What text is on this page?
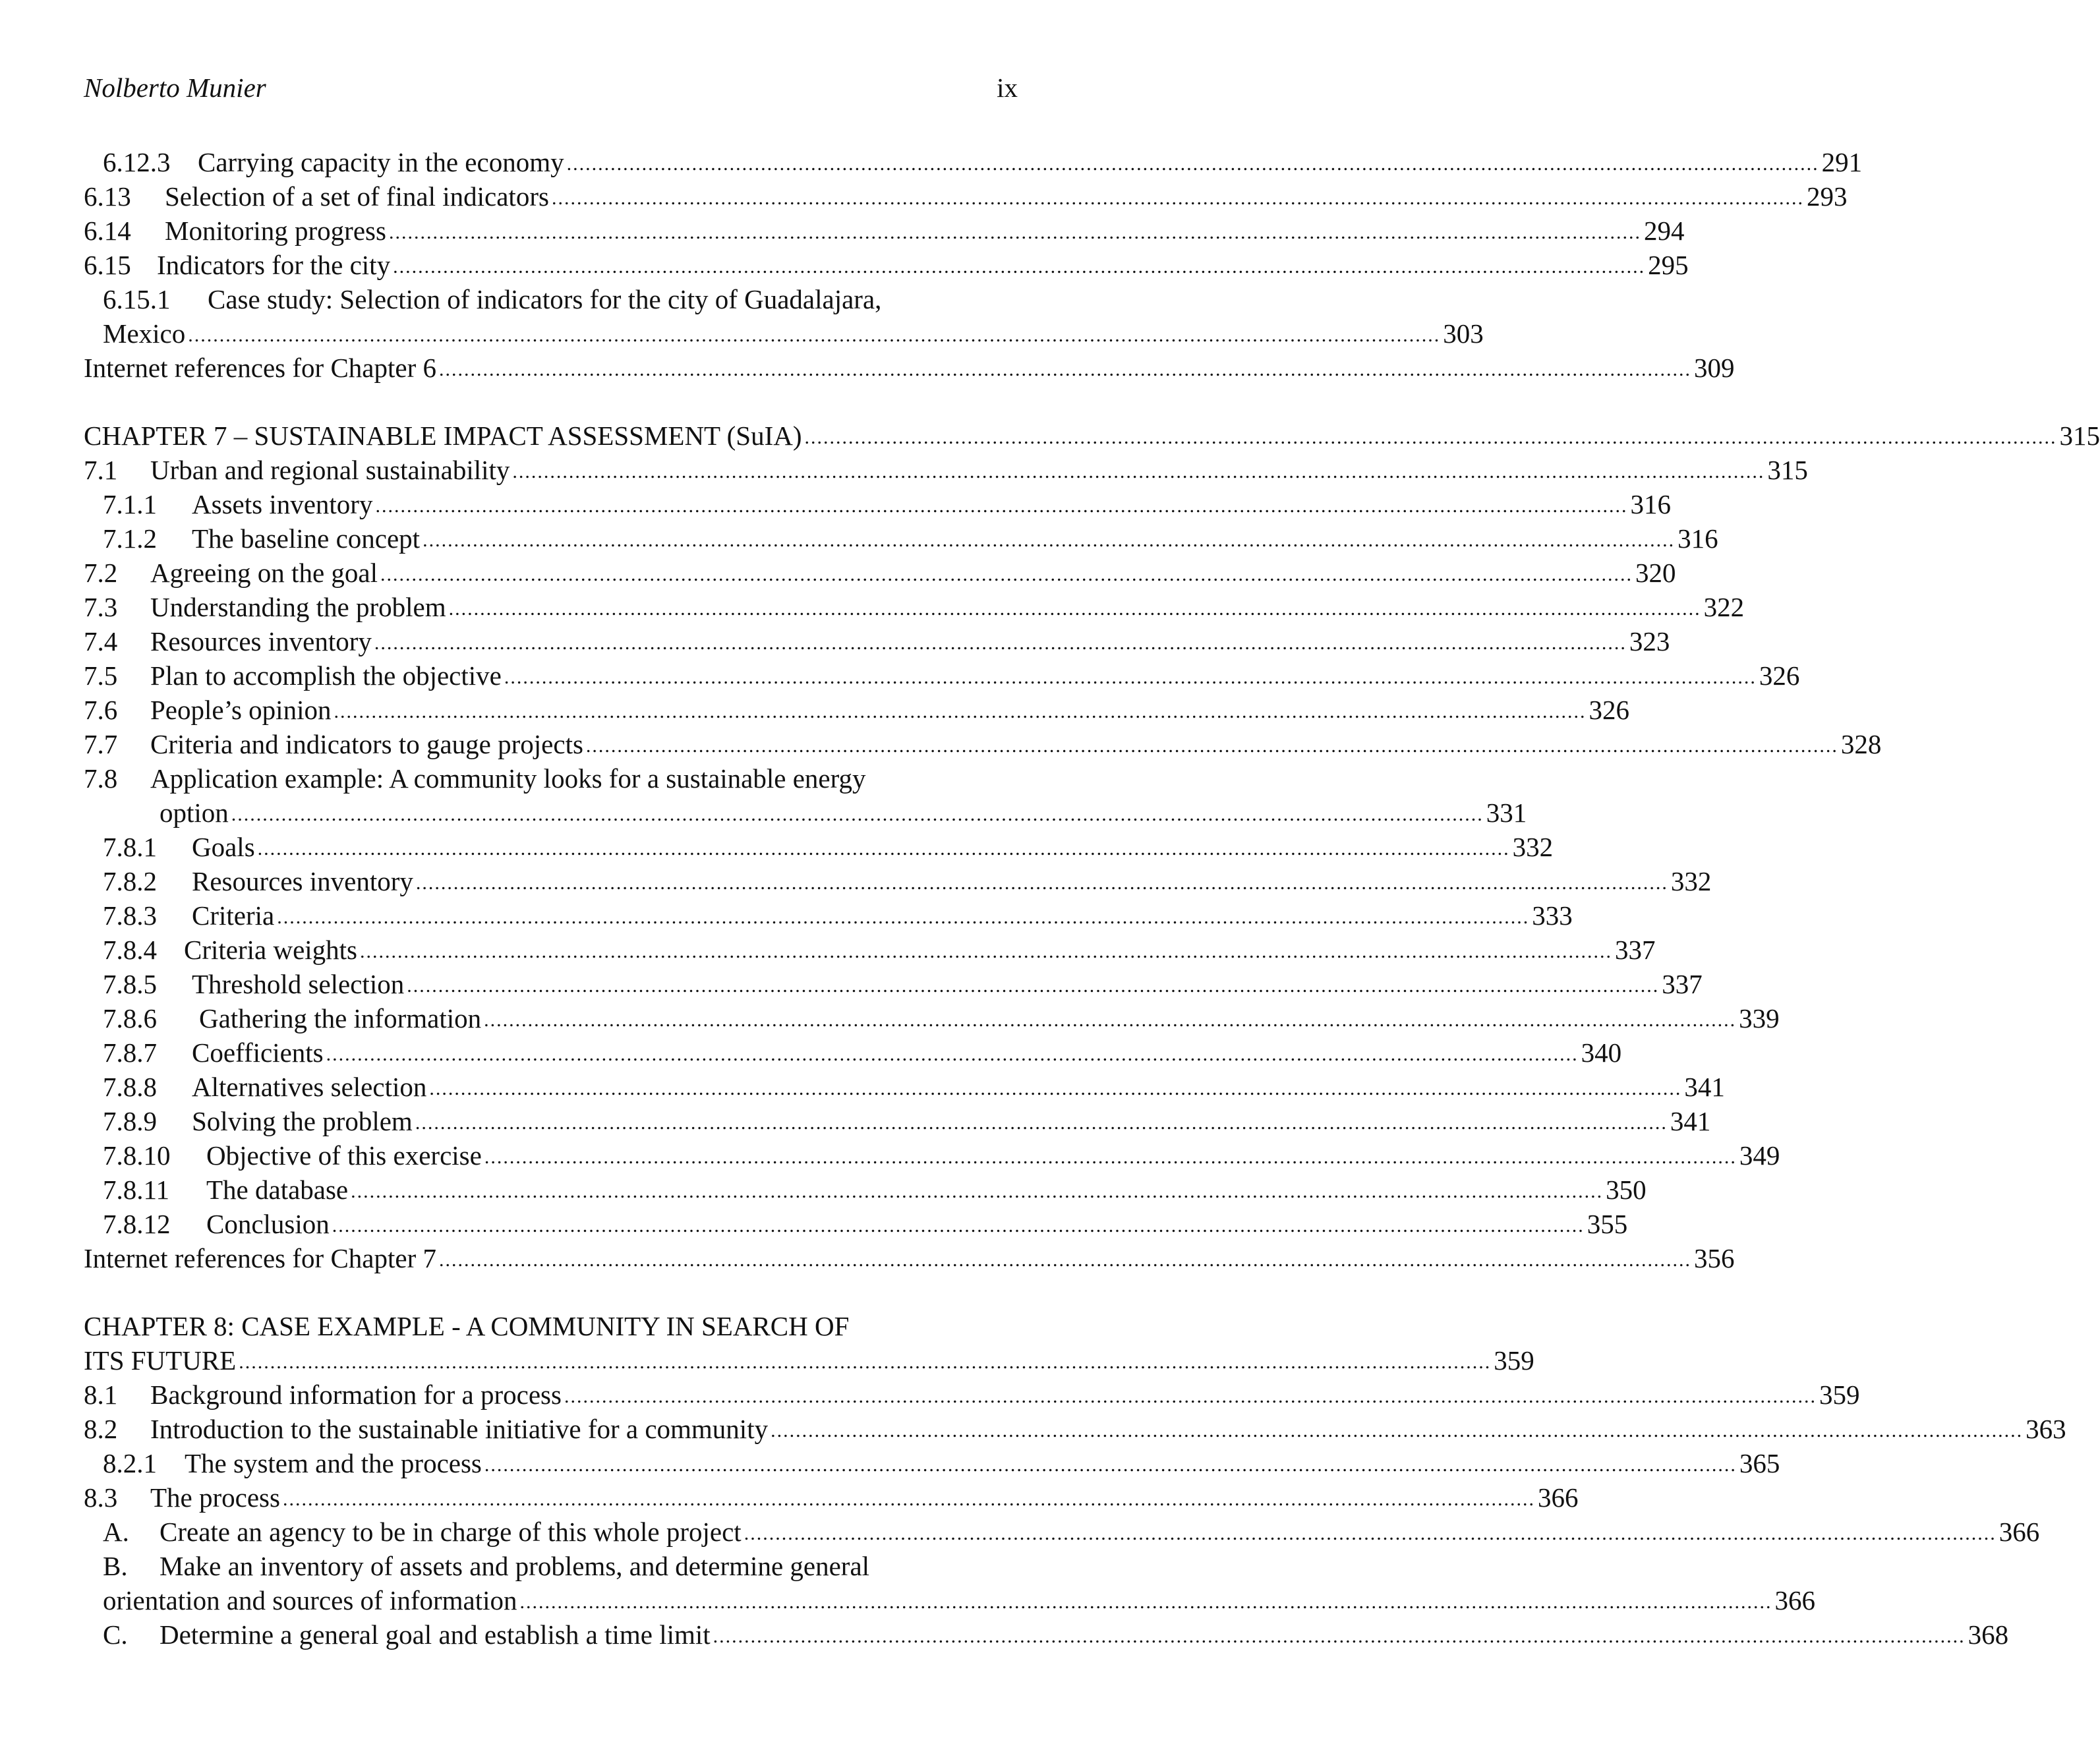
Nolberto Munier	ix
6.12.3 Carrying capacity in the economy ........................................................................................................................................................................................................ 291
6.13 Selection of a set of final indicators ........................................................................................................................................................................................................ 293
6.14 Monitoring progress ........................................................................................................................................................................................................ 294
6.15 Indicators for the city ........................................................................................................................................................................................................ 295
6.15.1 Case study: Selection of indicators for the city of Guadalajara,
Mexico ........................................................................................................................................................................................................ 303
Internet references for Chapter 6 ........................................................................................................................................................................................................ 309
CHAPTER 7 – SUSTAINABLE IMPACT ASSESSMENT (SuIA) ........................................................................................................................................................................................................ 315
7.1 Urban and regional sustainability ........................................................................................................................................................................................................ 315
7.1.1 Assets inventory ........................................................................................................................................................................................................ 316
7.1.2 The baseline concept ........................................................................................................................................................................................................ 316
7.2 Agreeing on the goal ........................................................................................................................................................................................................ 320
7.3 Understanding the problem ........................................................................................................................................................................................................ 322
7.4 Resources inventory ........................................................................................................................................................................................................ 323
7.5 Plan to accomplish the objective ........................................................................................................................................................................................................ 326
7.6 People’s opinion ........................................................................................................................................................................................................ 326
7.7 Criteria and indicators to gauge projects ........................................................................................................................................................................................................ 328
7.8 Application example: A community looks for a sustainable energy
option ........................................................................................................................................................................................................ 331
7.8.1 Goals ........................................................................................................................................................................................................ 332
7.8.2 Resources inventory ........................................................................................................................................................................................................ 332
7.8.3 Criteria ........................................................................................................................................................................................................ 333
7.8.4 Criteria weights ........................................................................................................................................................................................................ 337
7.8.5 Threshold selection ........................................................................................................................................................................................................ 337
7.8.6 Gathering the information ........................................................................................................................................................................................................ 339
7.8.7 Coefficients ........................................................................................................................................................................................................ 340
7.8.8 Alternatives selection ........................................................................................................................................................................................................ 341
7.8.9 Solving the problem ........................................................................................................................................................................................................ 341
7.8.10 Objective of this exercise ........................................................................................................................................................................................................ 349
7.8.11 The database ........................................................................................................................................................................................................ 350
7.8.12 Conclusion ........................................................................................................................................................................................................ 355
Internet references for Chapter 7 ........................................................................................................................................................................................................ 356
CHAPTER 8: CASE EXAMPLE - A COMMUNITY IN SEARCH OF
ITS FUTURE ........................................................................................................................................................................................................ 359
8.1 Background information for a process ........................................................................................................................................................................................................ 359
8.2 Introduction to the sustainable initiative for a community ........................................................................................................................................................................................................ 363
8.2.1 The system and the process ........................................................................................................................................................................................................ 365
8.3 The process ........................................................................................................................................................................................................ 366
A. Create an agency to be in charge of this whole project ........................................................................................................................................................................................................ 366
B. Make an inventory of assets and problems, and determine general
orientation and sources of information ........................................................................................................................................................................................................ 366
C. Determine a general goal and establish a time limit ........................................................................................................................................................................................................ 368
